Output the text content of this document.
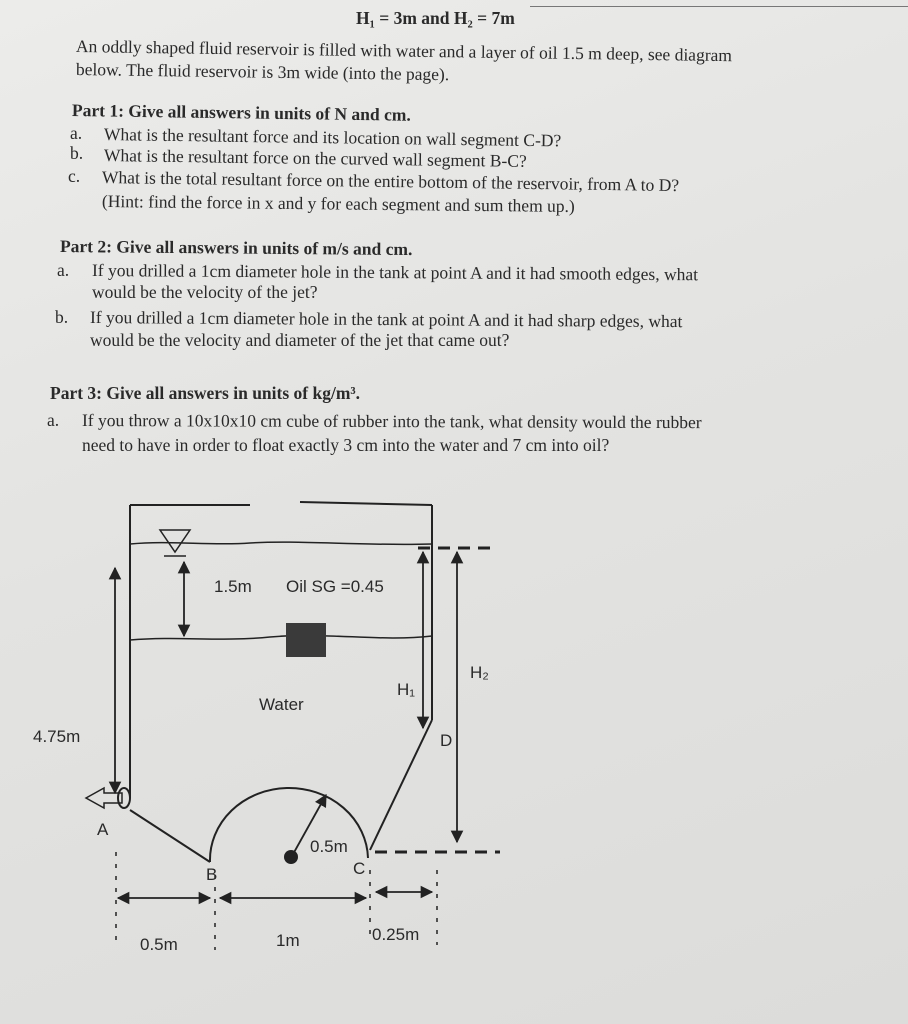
H₁ = 3m and H₂ = 7m
An oddly shaped fluid reservoir is filled with water and a layer of oil 1.5 m deep, see diagram
below. The fluid reservoir is 3m wide (into the page).
Part 1: Give all answers in units of N and cm.
a. What is the resultant force and its location on wall segment C-D?
b. What is the resultant force on the curved wall segment B-C?
c. What is the total resultant force on the entire bottom of the reservoir, from A to D?
(Hint: find the force in x and y for each segment and sum them up.)
Part 2: Give all answers in units of m/s and cm.
a. If you drilled a 1cm diameter hole in the tank at point A and it had smooth edges, what
would be the velocity of the jet?
b. If you drilled a 1cm diameter hole in the tank at point A and it had sharp edges, what
would be the velocity and diameter of the jet that came out?
Part 3: Give all answers in units of kg/m³.
a. If you throw a 10x10x10 cm cube of rubber into the tank, what density would the rubber
need to have in order to float exactly 3 cm into the water and 7 cm into oil?
1.5m Oil SG =0.45
Water
H₁
H₂
4.75m
A
B	C
D
0.5m
0.5m	1m	0.25m
